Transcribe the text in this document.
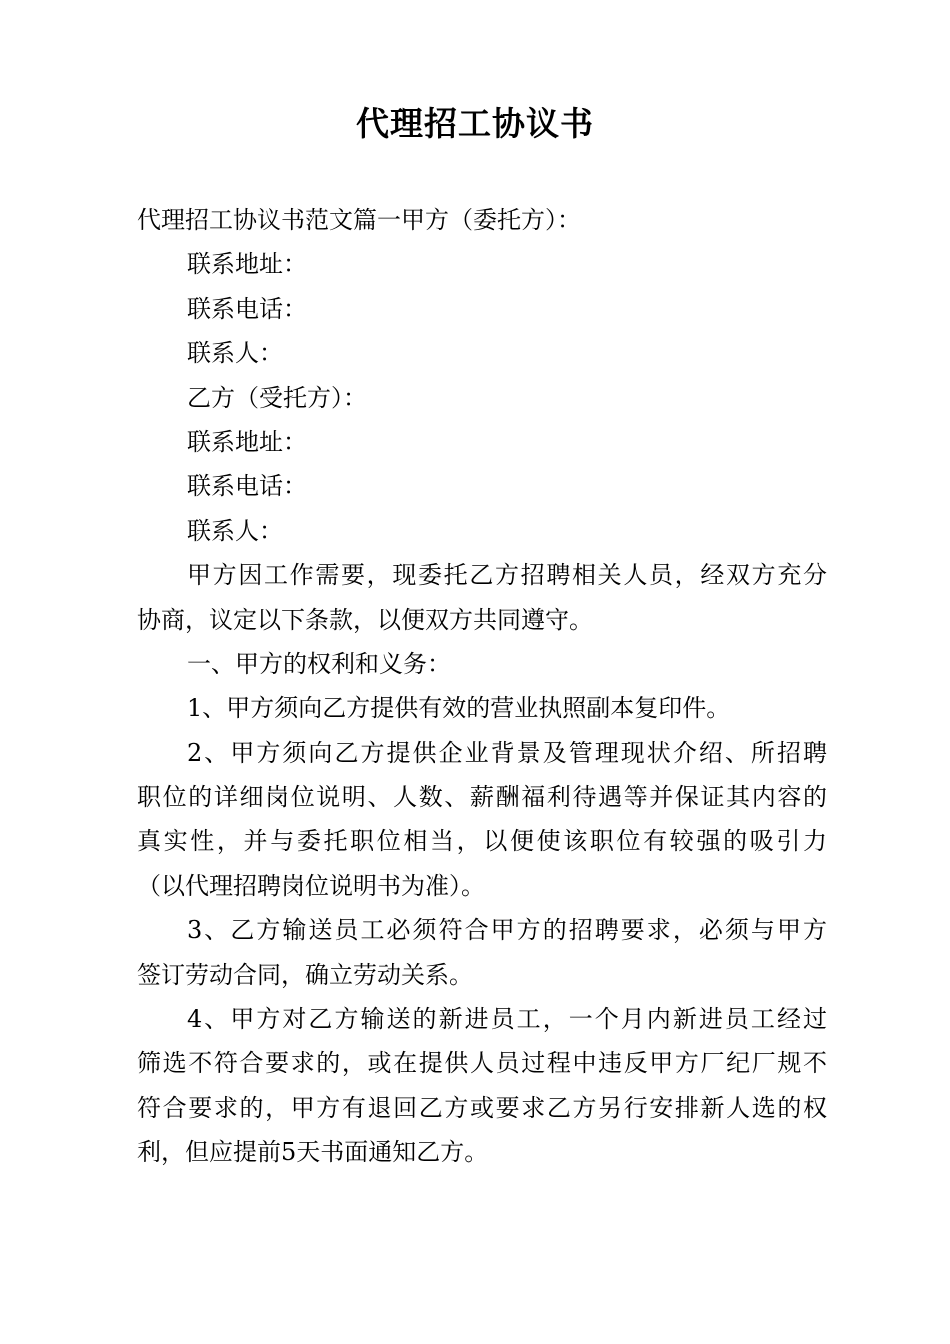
代理招工协议书
代理招工协议书范文篇一甲方（委托方）：
联系地址：
联系电话：
联系人：
乙方（受托方）：
联系地址：
联系电话：
联系人：
甲方因工作需要，现委托乙方招聘相关人员，经双方充分
协商，议定以下条款，以便双方共同遵守。
一、甲方的权利和义务：
1、甲方须向乙方提供有效的营业执照副本复印件。
2、甲方须向乙方提供企业背景及管理现状介绍、所招聘
职位的详细岗位说明、人数、薪酬福利待遇等并保证其内容的
真实性，并与委托职位相当，以便使该职位有较强的吸引力
（以代理招聘岗位说明书为准）。
3、乙方输送员工必须符合甲方的招聘要求，必须与甲方
签订劳动合同，确立劳动关系。
4、甲方对乙方输送的新进员工，一个月内新进员工经过
筛选不符合要求的，或在提供人员过程中违反甲方厂纪厂规不
符合要求的，甲方有退回乙方或要求乙方另行安排新人选的权
利，但应提前5天书面通知乙方。
